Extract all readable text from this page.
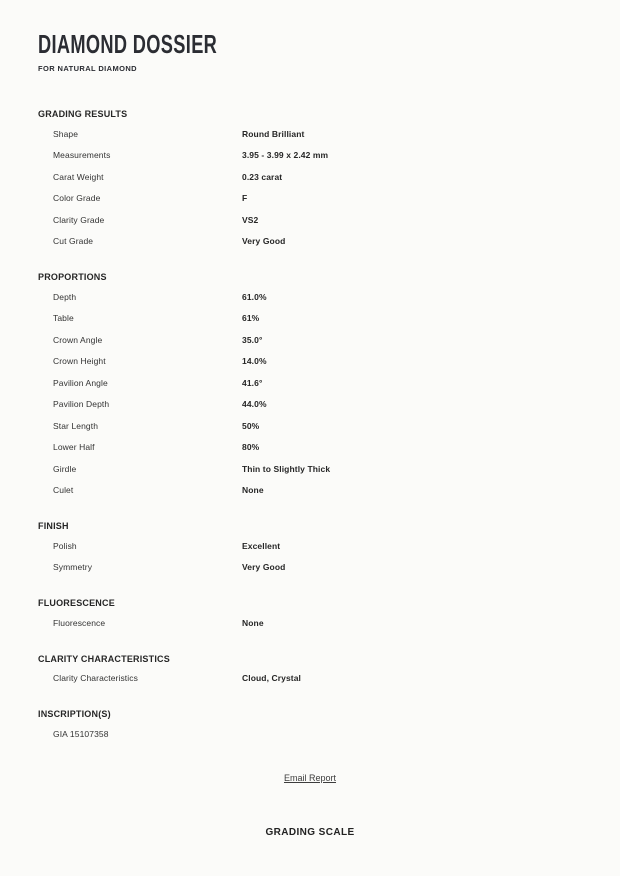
DIAMOND DOSSIER
FOR NATURAL DIAMOND
GRADING RESULTS
Shape	Round Brilliant
Measurements	3.95 - 3.99 x 2.42 mm
Carat Weight	0.23 carat
Color Grade	F
Clarity Grade	VS2
Cut Grade	Very Good
PROPORTIONS
Depth	61.0%
Table	61%
Crown Angle	35.0°
Crown Height	14.0%
Pavilion Angle	41.6°
Pavilion Depth	44.0%
Star Length	50%
Lower Half	80%
Girdle	Thin to Slightly Thick
Culet	None
FINISH
Polish	Excellent
Symmetry	Very Good
FLUORESCENCE
Fluorescence	None
CLARITY CHARACTERISTICS
Clarity Characteristics	Cloud, Crystal
INSCRIPTION(S)
GIA 15107358
Email Report
GRADING SCALE
